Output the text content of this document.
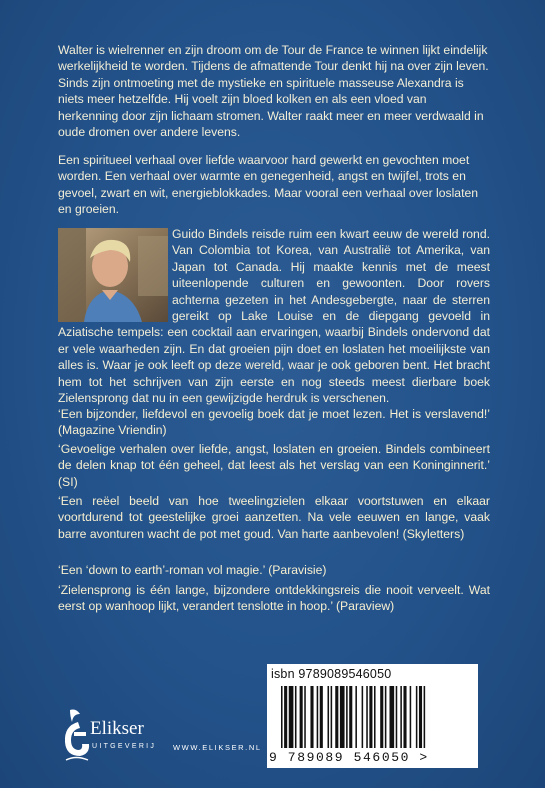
Walter is wielrenner en zijn droom om de Tour de France te winnen lijkt eindelijk werkelijkheid te worden. Tijdens de afmattende Tour denkt hij na over zijn leven. Sinds zijn ontmoeting met de mystieke en spirituele masseuse Alexandra is niets meer hetzelfde. Hij voelt zijn bloed kolken en als een vloed van herkenning door zijn lichaam stromen. Walter raakt meer en meer verdwaald in oude dromen over andere levens.

Een spiritueel verhaal over liefde waarvoor hard gewerkt en gevochten moet worden. Een verhaal over warmte en genegenheid, angst en twijfel, trots en gevoel, zwart en wit, energieblokkades. Maar vooral een verhaal over loslaten en groeien.

Guido Bindels reisde ruim een kwart eeuw de wereld rond. Van Colombia tot Korea, van Australië tot Amerika, van Japan tot Canada. Hij maakte kennis met de meest uiteenlopende culturen en gewoonten. Door rovers achterna gezeten in het Andesgebergte, naar de sterren gereikt op Lake Louise en de diepgang gevoeld in Aziatische tempels: een cocktail aan ervaringen, waarbij Bindels ondervond dat er vele waarheden zijn. En dat groeien pijn doet en loslaten het moeilijkste van alles is. Waar je ook leeft op deze wereld, waar je ook geboren bent. Het bracht hem tot het schrijven van zijn eerste en nog steeds meest dierbare boek Zielensprong dat nu in een gewijzigde herdruk is verschenen.

‘Een bijzonder, liefdevol en gevoelig boek dat je moet lezen. Het is verslavend!’ (Magazine Vriendin)

‘Gevoelige verhalen over liefde, angst, loslaten en groeien. Bindels combineert de delen knap tot één geheel, dat leest als het verslag van een Koninginnerit.’ (SI)

‘Een reëel beeld van hoe tweelingzielen elkaar voortstuwen en elkaar voortdurend tot geestelijke groei aanzetten. Na vele eeuwen en lange, vaak barre avonturen wacht de pot met goud. Van harte aanbevolen! (Skyletters)

‘Een ‘down to earth’-roman vol magie.’ (Paravisie)

‘Zielensprong is één lange, bijzondere ontdekkingsreis die nooit verveelt. Wat eerst op wanhoop lijkt, verandert tenslotte in hoop.’ (Paraview)

Elikser
UITGEVERIJ WWW.ELIKSER.NL
isbn 9789089546050
9 789089 546050 >
